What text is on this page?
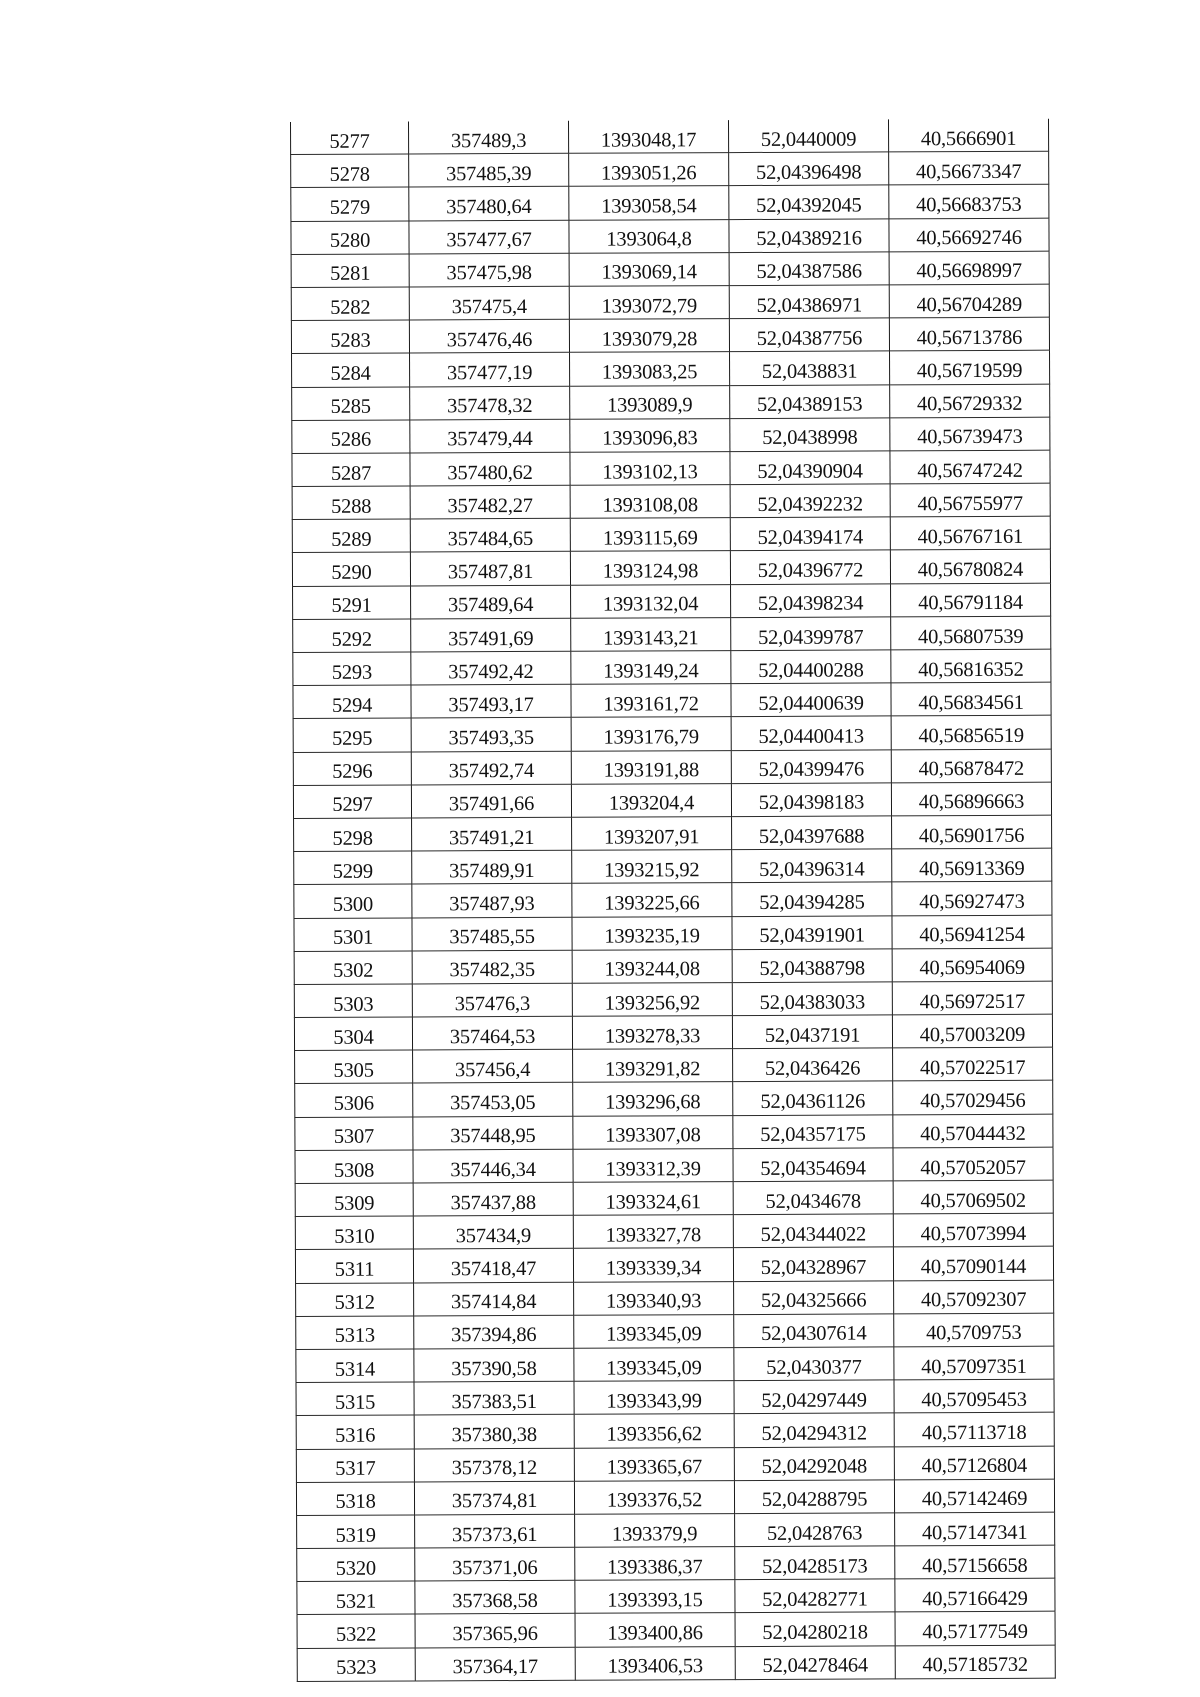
5277	357489,3	1393048,17	52,0440009	40,5666901
5278	357485,39	1393051,26	52,04396498	40,56673347
5279	357480,64	1393058,54	52,04392045	40,56683753
5280	357477,67	1393064,8	52,04389216	40,56692746
5281	357475,98	1393069,14	52,04387586	40,56698997
5282	357475,4	1393072,79	52,04386971	40,56704289
5283	357476,46	1393079,28	52,04387756	40,56713786
5284	357477,19	1393083,25	52,0438831	40,56719599
5285	357478,32	1393089,9	52,04389153	40,56729332
5286	357479,44	1393096,83	52,0438998	40,56739473
5287	357480,62	1393102,13	52,04390904	40,56747242
5288	357482,27	1393108,08	52,04392232	40,56755977
5289	357484,65	1393115,69	52,04394174	40,56767161
5290	357487,81	1393124,98	52,04396772	40,56780824
5291	357489,64	1393132,04	52,04398234	40,56791184
5292	357491,69	1393143,21	52,04399787	40,56807539
5293	357492,42	1393149,24	52,04400288	40,56816352
5294	357493,17	1393161,72	52,04400639	40,56834561
5295	357493,35	1393176,79	52,04400413	40,56856519
5296	357492,74	1393191,88	52,04399476	40,56878472
5297	357491,66	1393204,4	52,04398183	40,56896663
5298	357491,21	1393207,91	52,04397688	40,56901756
5299	357489,91	1393215,92	52,04396314	40,56913369
5300	357487,93	1393225,66	52,04394285	40,56927473
5301	357485,55	1393235,19	52,04391901	40,56941254
5302	357482,35	1393244,08	52,04388798	40,56954069
5303	357476,3	1393256,92	52,04383033	40,56972517
5304	357464,53	1393278,33	52,0437191	40,57003209
5305	357456,4	1393291,82	52,0436426	40,57022517
5306	357453,05	1393296,68	52,04361126	40,57029456
5307	357448,95	1393307,08	52,04357175	40,57044432
5308	357446,34	1393312,39	52,04354694	40,57052057
5309	357437,88	1393324,61	52,0434678	40,57069502
5310	357434,9	1393327,78	52,04344022	40,57073994
5311	357418,47	1393339,34	52,04328967	40,57090144
5312	357414,84	1393340,93	52,04325666	40,57092307
5313	357394,86	1393345,09	52,04307614	40,5709753
5314	357390,58	1393345,09	52,0430377	40,57097351
5315	357383,51	1393343,99	52,04297449	40,57095453
5316	357380,38	1393356,62	52,04294312	40,57113718
5317	357378,12	1393365,67	52,04292048	40,57126804
5318	357374,81	1393376,52	52,04288795	40,57142469
5319	357373,61	1393379,9	52,0428763	40,57147341
5320	357371,06	1393386,37	52,04285173	40,57156658
5321	357368,58	1393393,15	52,04282771	40,57166429
5322	357365,96	1393400,86	52,04280218	40,57177549
5323	357364,17	1393406,53	52,04278464	40,57185732
